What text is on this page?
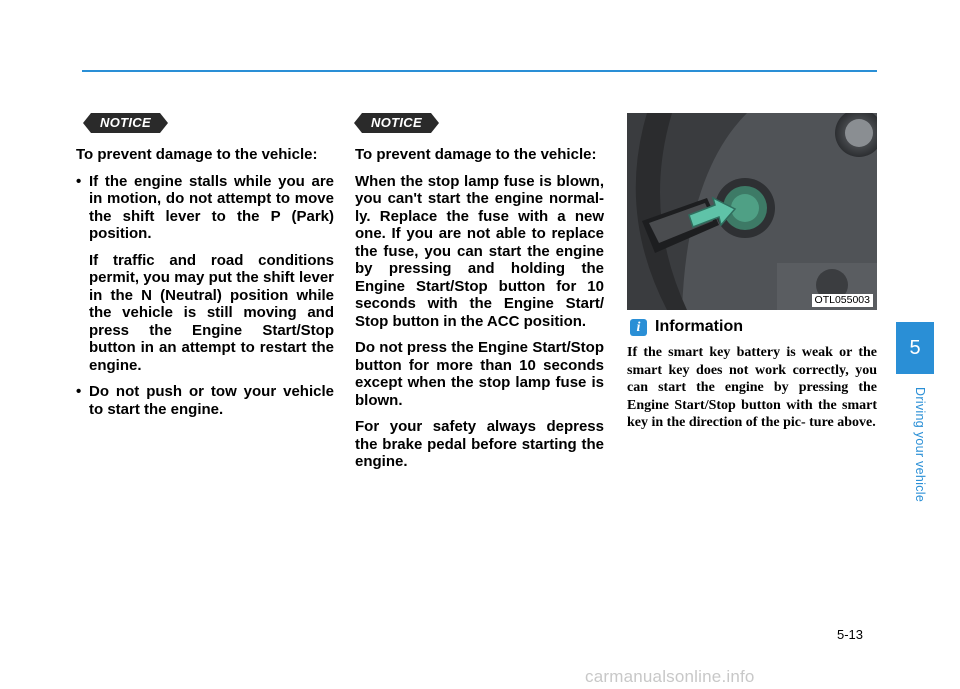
NOTICE

To prevent damage to the vehicle:

• If the engine stalls while you are in motion, do not attempt to move the shift lever to the P (Park) position.

If traffic and road conditions permit, you may put the shift lever in the N (Neutral) position while the vehicle is still moving and press the Engine Start/Stop button in an attempt to restart the engine.

• Do not push or tow your vehicle to start the engine.

NOTICE

To prevent damage to the vehicle:

When the stop lamp fuse is blown, you can't start the engine normal- ly. Replace the fuse with a new one. If you are not able to replace the fuse, you can start the engine by pressing and holding the Engine Start/Stop button for 10 seconds with the Engine Start/ Stop button in the ACC position.

Do not press the Engine Start/Stop button for more than 10 seconds except when the stop lamp fuse is blown.

For your safety always depress the brake pedal before starting the engine.

OTL055003
i Information
If the smart key battery is weak or the smart key does not work correctly, you can start the engine by pressing the Engine Start/Stop button with the smart key in the direction of the pic- ture above.
5
Driving your vehicle
5-13
carmanualsonline.info
